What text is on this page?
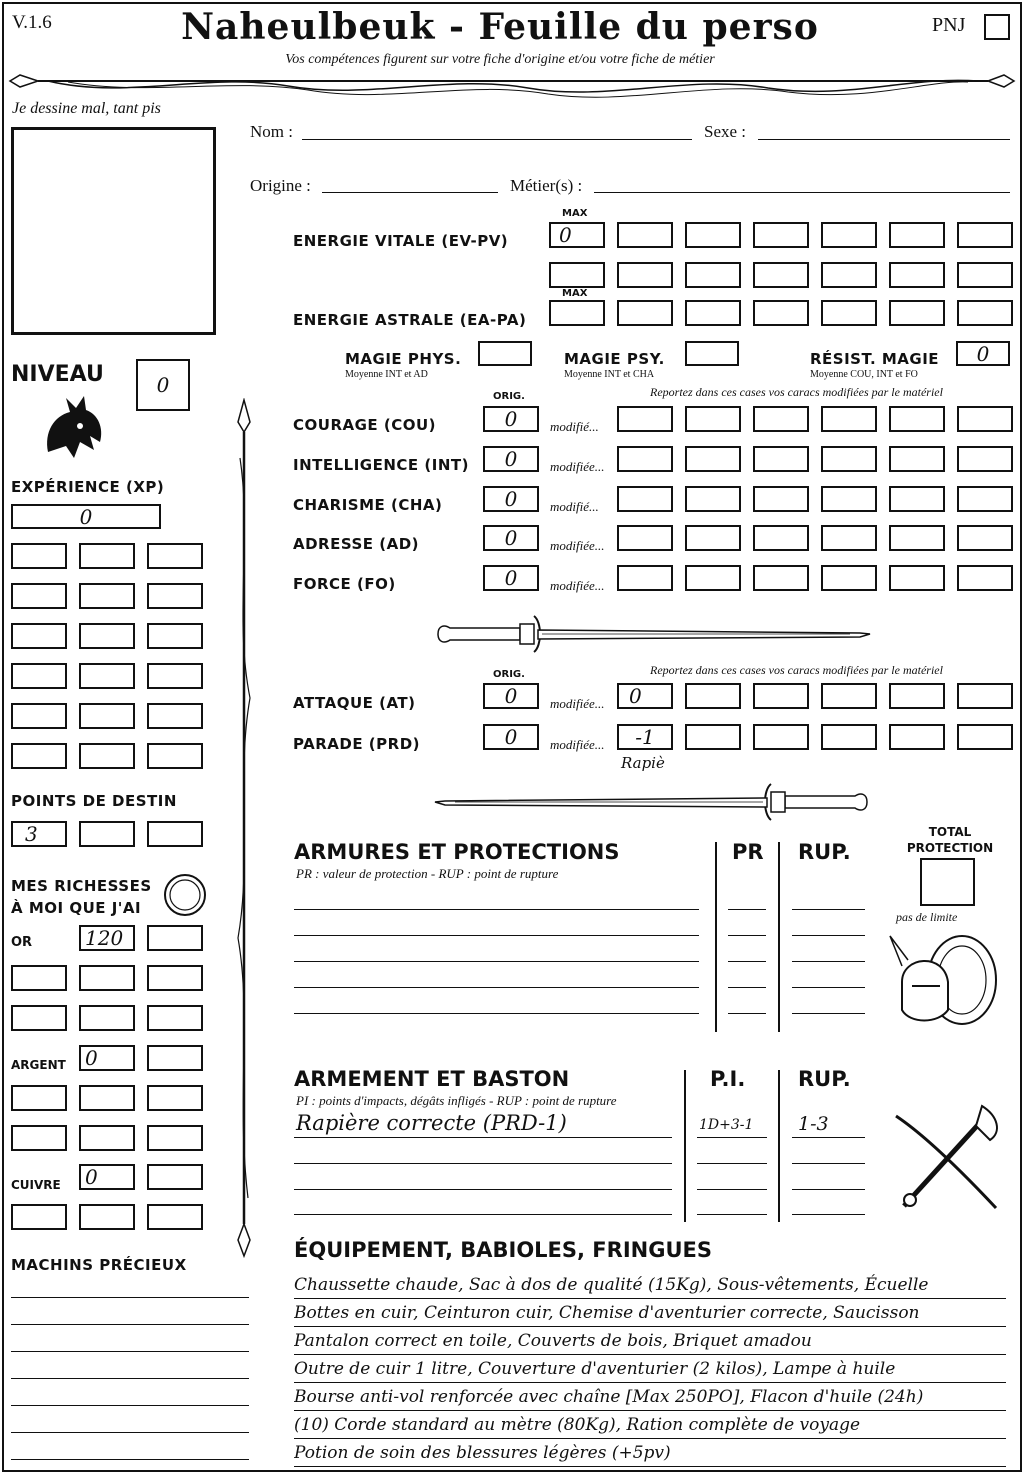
V.1.6	Naheulbeuk - Feuille du perso
Vos compétences figurent sur votre fiche d'origine et/ou votre fiche de métier
PNJ
Je dessine mal, tant pis
Nom :	Sexe :
Origine :	Métier(s) :
MAX
ENERGIE VITALE (EV-PV)	0
MAX
ENERGIE ASTRALE (EA-PA)
MAGIE PHYS.
Moyenne INT et AD
MAGIE PSY.
Moyenne INT et CHA
RÉSIST. MAGIE
Moyenne COU, INT et FO
0
ORIG.	Reportez dans ces cases vos caracs modifiées par le matériel
COURAGE (COU)	0	modifié...
INTELLIGENCE (INT)	0	modifiée...
CHARISME (CHA)	0	modifié...
ADRESSE (AD)	0	modifiée...
FORCE (FO)	0	modifiée...
ORIG.	Reportez dans ces cases vos caracs modifiées par le matériel
ATTAQUE (AT)	0	modifiée...	0
PARADE (PRD)	0	modifiée...	-1
Rapiè
NIVEAU	0
EXPÉRIENCE (XP)
0
POINTS DE DESTIN
3
MES RICHESSES
À MOI QUE J'AI
OR	120
ARGENT 0
CUIVRE	0
MACHINS PRÉCIEUX
ARMURES ET PROTECTIONS
PR : valeur de protection - RUP : point de rupture
PR RUP.
TOTAL
PROTECTION
pas de limite
ARMEMENT ET BASTON
PI : points d'impacts, dégâts infligés - RUP : point de rupture
P.I.	RUP.
Rapière correcte (PRD-1)	1D+3-1 1-3
ÉQUIPEMENT, BABIOLES, FRINGUES
Chaussette chaude, Sac à dos de qualité (15Kg), Sous-vêtements, Écuelle
Bottes en cuir, Ceinturon cuir, Chemise d'aventurier correcte, Saucisson
Pantalon correct en toile, Couverts de bois, Briquet amadou
Outre de cuir 1 litre, Couverture d'aventurier (2 kilos), Lampe à huile
Bourse anti-vol renforcée avec chaîne [Max 250PO], Flacon d'huile (24h)
(10) Corde standard au mètre (80Kg), Ration complète de voyage
Potion de soin des blessures légères (+5pv)
